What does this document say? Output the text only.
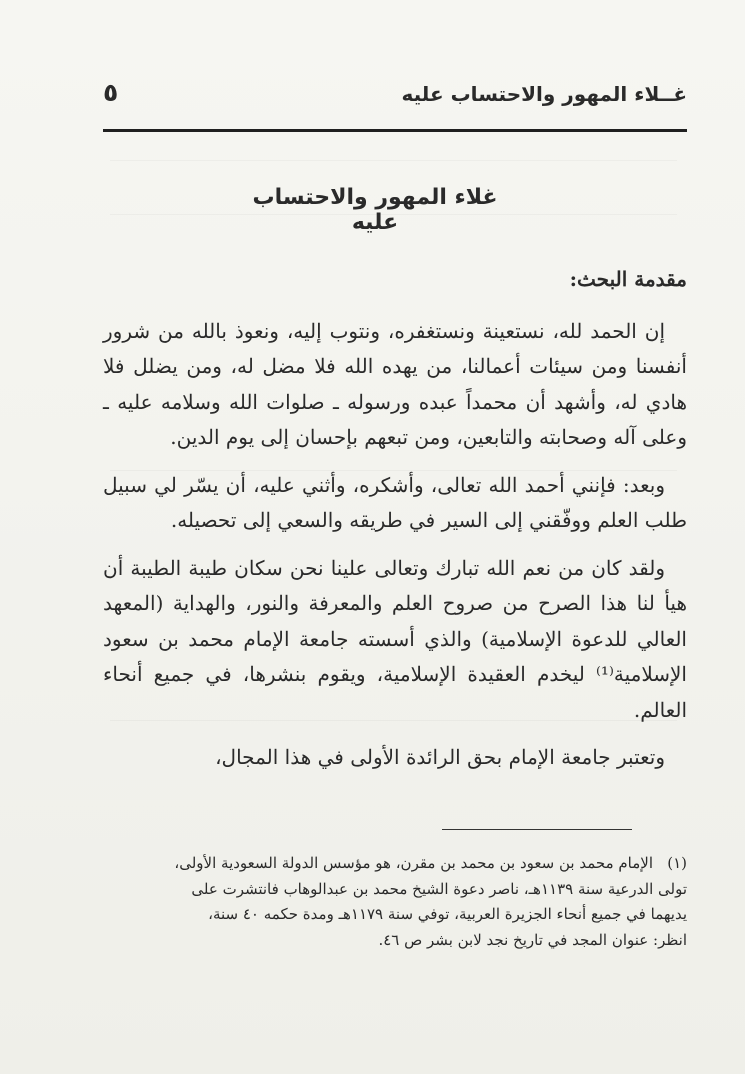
غــلاء المهور والاحتساب عليه
٥
غلاء المهور والاحتساب عليه
مقدمة البحث:

إن الحمد لله، نستعينة ونستغفره، ونتوب إليه، ونعوذ بالله من شرور أنفسنا ومن سيئات أعمالنا، من يهده الله فلا مضل له، ومن يضلل فلا هادي له، وأشهد أن محمداً عبده ورسوله ـ صلوات الله وسلامه عليه ـ وعلى آله وصحابته والتابعين، ومن تبعهم بإحسان إلى يوم الدين.

وبعد: فإنني أحمد الله تعالى، وأشكره، وأثني عليه، أن يسّر لي سبيل طلب العلم ووفّقني إلى السير في طريقه والسعي إلى تحصيله.

ولقد كان من نعم الله تبارك وتعالى علينا نحن سكان طيبة الطيبة أن هيأ لنا هذا الصرح من صروح العلم والمعرفة والنور، والهداية (المعهد العالي للدعوة الإسلامية) والذي أسسته جامعة الإمام محمد بن سعود الإسلامية⁽¹⁾ ليخدم العقيدة الإسلامية، ويقوم بنشرها، في جميع أنحاء العالم.

وتعتبر جامعة الإمام بحق الرائدة الأولى في هذا المجال،

(١)الإمام محمد بن سعود بن محمد بن مقرن، هو مؤسس الدولة السعودية الأولى،
تولى الدرعية سنة ١١٣٩هـ، ناصر دعوة الشيخ محمد بن عبدالوهاب فانتشرت على
يديهما في جميع أنحاء الجزيرة العربية، توفي سنة ١١٧٩هـ ومدة حكمه ٤٠ سنة،
انظر: عنوان المجد في تاريخ نجد لابن بشر ص ٤٦.
